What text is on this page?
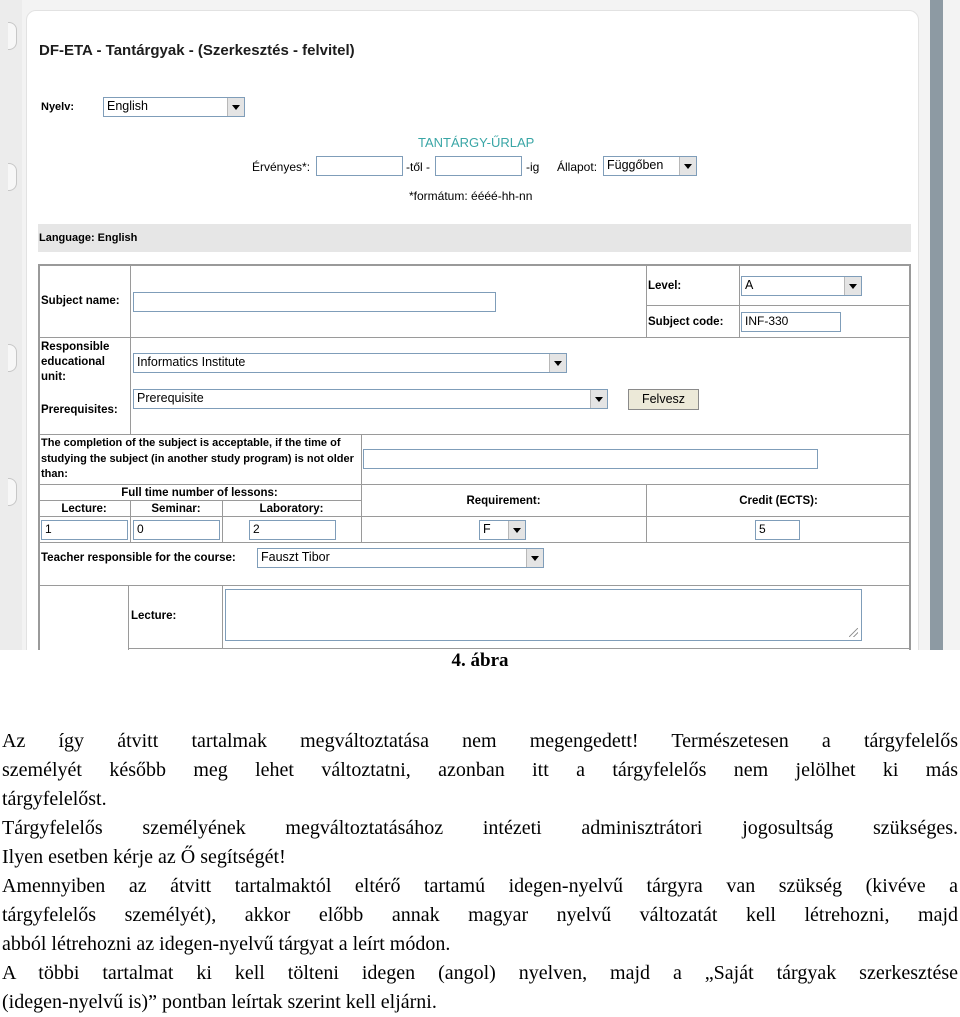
DF-ETA - Tantárgyak - (Szerkesztés - felvitel)
Nyelv:	English
TANTÁRGY-ŰRLAP
Érvényes*:	-től -	-ig Állapot: Függőben
*formátum: éééé-hh-nn
Language: English
Subject name:
Level:	A
Subject code:	INF-330
Responsible educational unit:
Informatics Institute
Prerequisites:
Prerequisite	Felvesz
The completion of the subject is acceptable, if the time of studying the subject (in another study program) is not older than:
Full time number of lessons:
Lecture:	Seminar:	Laboratory:
Requirement:	Credit (ECTS):
1	0	2	F	5
Teacher responsible for the course:	Fauszt Tibor
Lecture:
4. ábra
Az így átvitt tartalmak megváltoztatása nem megengedett! Természetesen a tárgyfelelős
személyét később meg lehet változtatni, azonban itt a tárgyfelelős nem jelölhet ki más
tárgyfelelőst.
Tárgyfelelős személyének megváltoztatásához intézeti adminisztrátori jogosultság szükséges.
Ilyen esetben kérje az Ő segítségét!
Amennyiben az átvitt tartalmaktól eltérő tartamú idegen-nyelvű tárgyra van szükség (kivéve a
tárgyfelelős személyét), akkor előbb annak magyar nyelvű változatát kell létrehozni, majd
abból létrehozni az idegen-nyelvű tárgyat a leírt módon.
A többi tartalmat ki kell tölteni idegen (angol) nyelven, majd a „Saját tárgyak szerkesztése
(idegen-nyelvű is)” pontban leírtak szerint kell eljárni.
